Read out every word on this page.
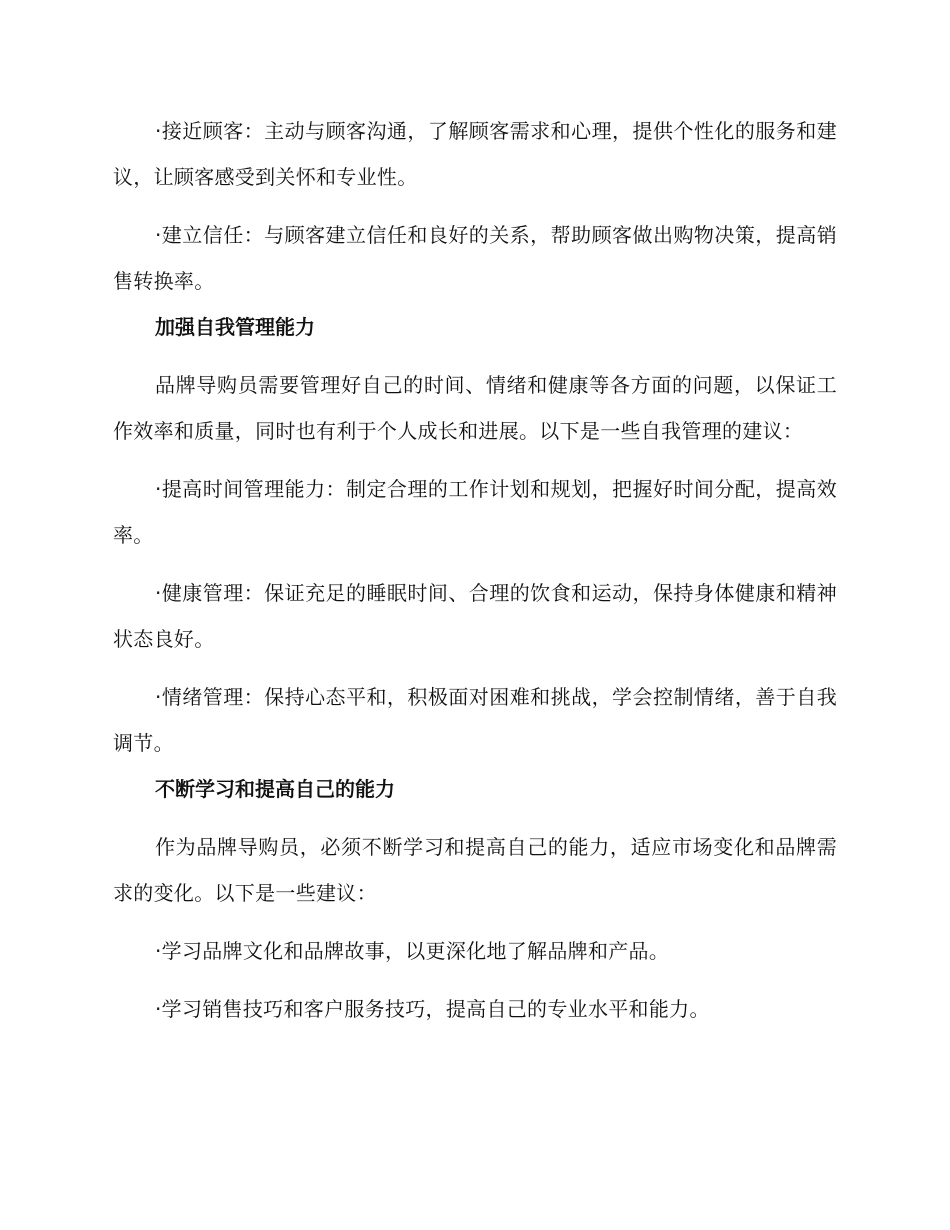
·接近顾客：主动与顾客沟通，了解顾客需求和心理，提供个性化的服务和建议，让顾客感受到关怀和专业性。

·建立信任：与顾客建立信任和良好的关系，帮助顾客做出购物决策，提高销售转换率。

加强自我管理能力

品牌导购员需要管理好自己的时间、情绪和健康等各方面的问题，以保证工作效率和质量，同时也有利于个人成长和进展。以下是一些自我管理的建议：

·提高时间管理能力：制定合理的工作计划和规划，把握好时间分配，提高效率。

·健康管理：保证充足的睡眠时间、合理的饮食和运动，保持身体健康和精神状态良好。

·情绪管理：保持心态平和，积极面对困难和挑战，学会控制情绪，善于自我调节。

不断学习和提高自己的能力

作为品牌导购员，必须不断学习和提高自己的能力，适应市场变化和品牌需求的变化。以下是一些建议：

·学习品牌文化和品牌故事，以更深化地了解品牌和产品。

·学习销售技巧和客户服务技巧，提高自己的专业水平和能力。
